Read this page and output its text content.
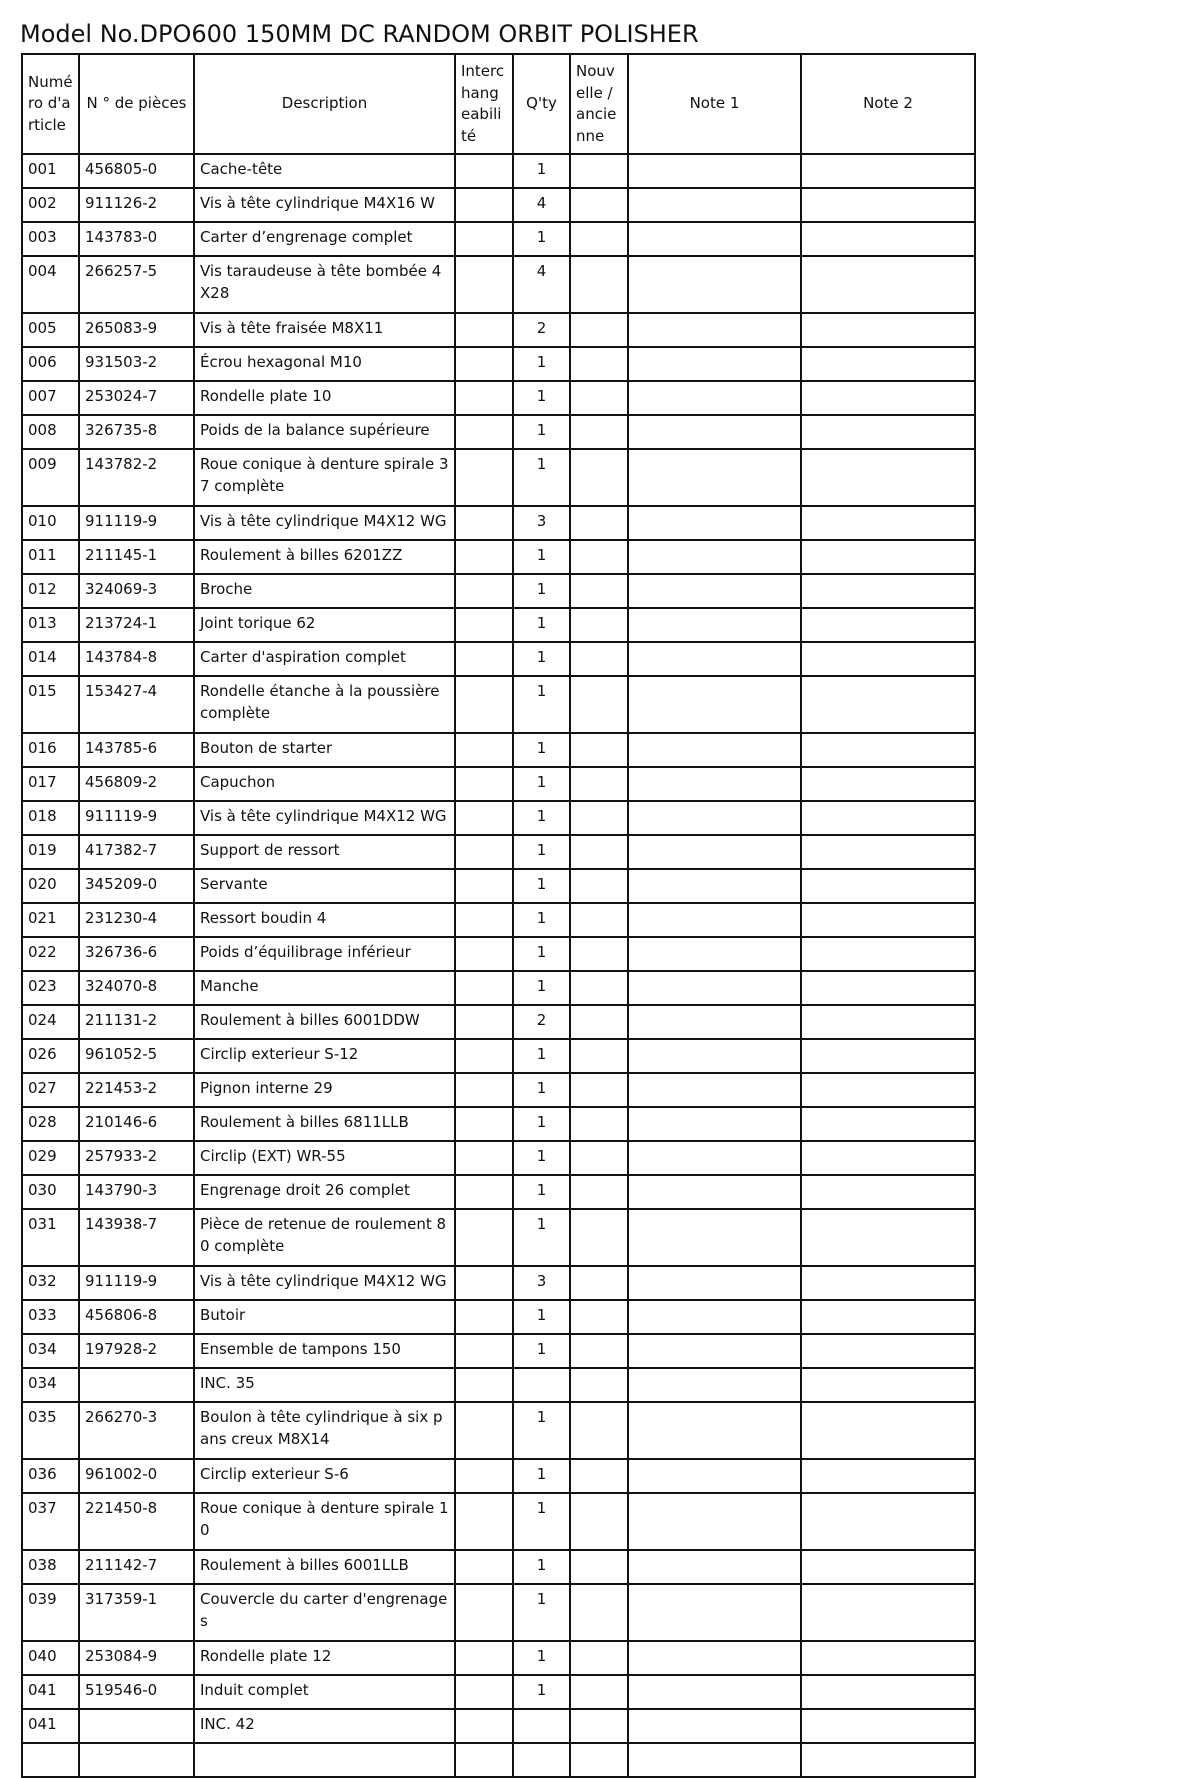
Model No.DPO600 150MM DC RANDOM ORBIT POLISHER
Numéro d'article	N ° de pièces	Description	Interchangeabilité	Q'ty	Nouvelle / ancienne	Note 1	Note 2
001	456805-0	Cache-tête		1			
002	911126-2	Vis à tête cylindrique M4X16 W		4			
003	143783-0	Carter d’engrenage complet		1			
004	266257-5	Vis taraudeuse à tête bombée 4X28		4			
005	265083-9	Vis à tête fraisée M8X11		2			
006	931503-2	Écrou hexagonal M10		1			
007	253024-7	Rondelle plate 10		1			
008	326735-8	Poids de la balance supérieure		1			
009	143782-2	Roue conique à denture spirale 37 complète		1			
010	911119-9	Vis à tête cylindrique M4X12 WG		3			
011	211145-1	Roulement à billes 6201ZZ		1			
012	324069-3	Broche		1			
013	213724-1	Joint torique 62		1			
014	143784-8	Carter d'aspiration complet		1			
015	153427-4	Rondelle étanche à la poussière complète		1			
016	143785-6	Bouton de starter		1			
017	456809-2	Capuchon		1			
018	911119-9	Vis à tête cylindrique M4X12 WG		1			
019	417382-7	Support de ressort		1			
020	345209-0	Servante		1			
021	231230-4	Ressort boudin 4		1			
022	326736-6	Poids d’équilibrage inférieur		1			
023	324070-8	Manche		1			
024	211131-2	Roulement à billes 6001DDW		2			
026	961052-5	Circlip exterieur S-12		1			
027	221453-2	Pignon interne 29		1			
028	210146-6	Roulement à billes 6811LLB		1			
029	257933-2	Circlip (EXT) WR-55		1			
030	143790-3	Engrenage droit 26 complet		1			
031	143938-7	Pièce de retenue de roulement 80 complète		1			
032	911119-9	Vis à tête cylindrique M4X12 WG		3			
033	456806-8	Butoir		1			
034	197928-2	Ensemble de tampons 150		1			
034		INC. 35					
035	266270-3	Boulon à tête cylindrique à six pans creux M8X14		1			
036	961002-0	Circlip exterieur S-6		1			
037	221450-8	Roue conique à denture spirale 10		1			
038	211142-7	Roulement à billes 6001LLB		1			
039	317359-1	Couvercle du carter d'engrenages		1			
040	253084-9	Rondelle plate 12		1			
041	519546-0	Induit complet		1			
041		INC. 42					
